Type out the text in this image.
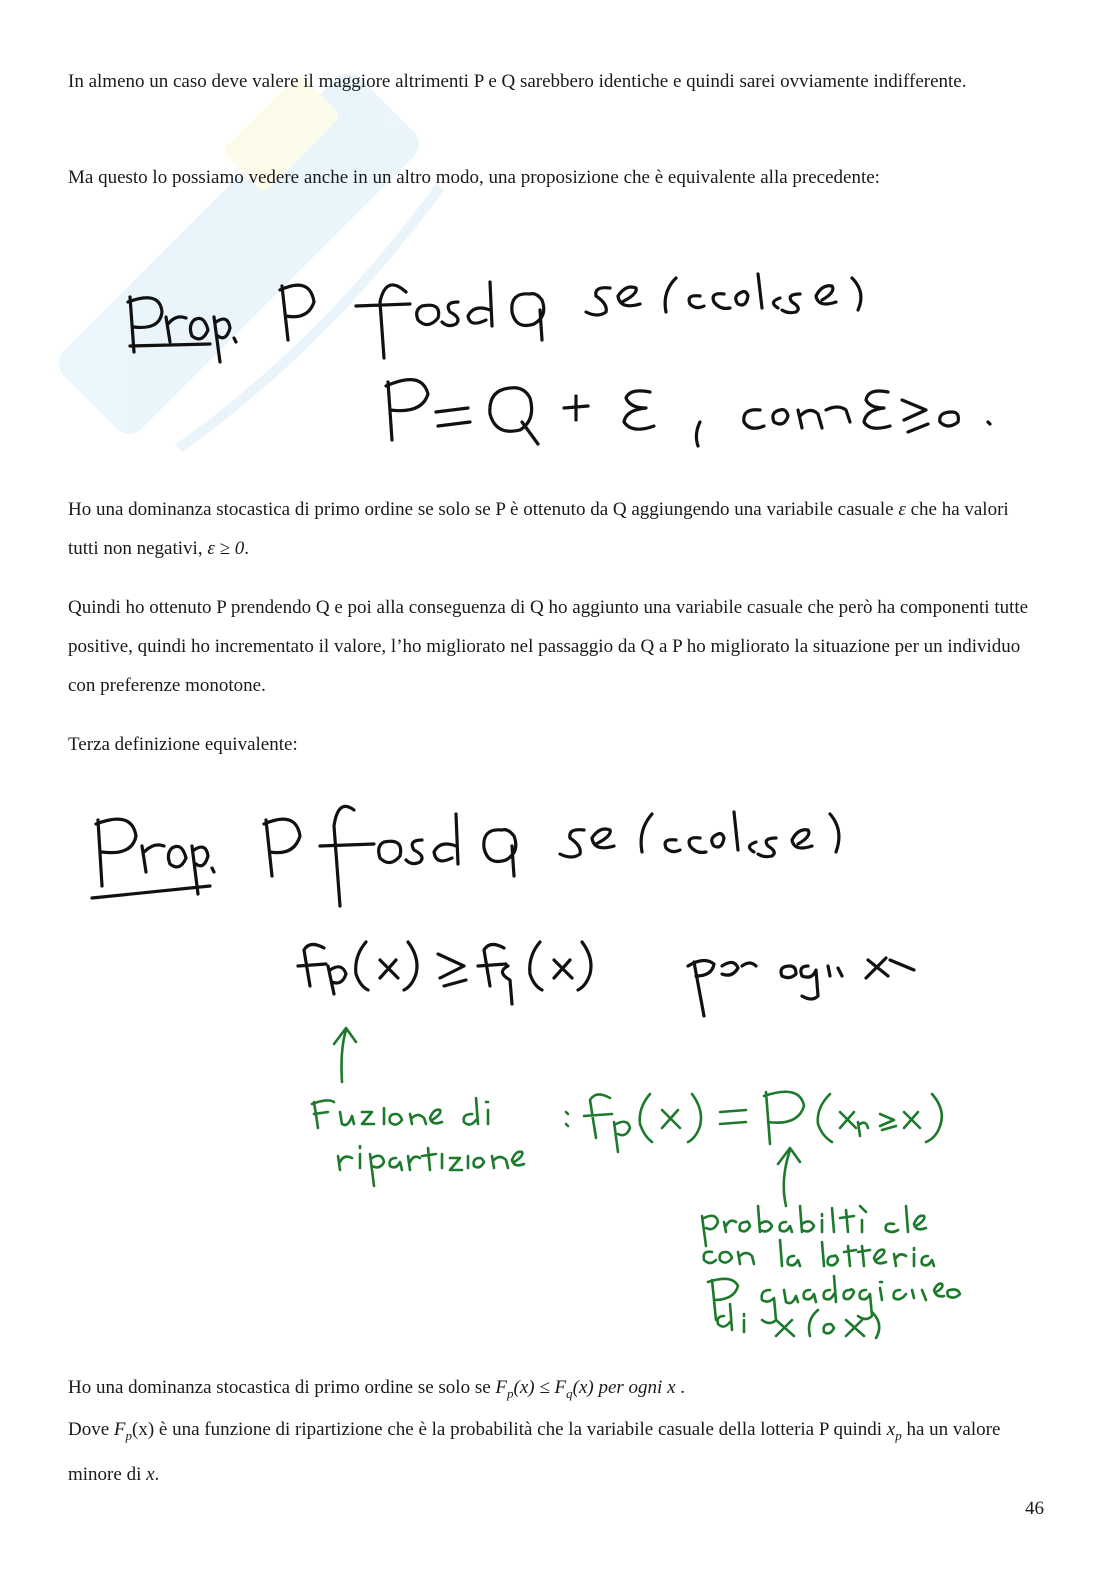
In almeno un caso deve valere il maggiore altrimenti P e Q sarebbero identiche e quindi sarei ovviamente indifferente.

Ma questo lo possiamo vedere anche in un altro modo, una proposizione che è equivalente alla precedente:

Ho una dominanza stocastica di primo ordine se solo se P è ottenuto da Q aggiungendo una variabile casuale ε che ha valori tutti non negativi, ε ≥ 0.

Quindi ho ottenuto P prendendo Q e poi alla conseguenza di Q ho aggiunto una variabile casuale che però ha componenti tutte positive, quindi ho incrementato il valore, l’ho migliorato nel passaggio da Q a P ho migliorato la situazione per un individuo con preferenze monotone.

Terza definizione equivalente:

Ho una dominanza stocastica di primo ordine se solo se $F_p(x) \le F_q(x)$ per ogni x .

Dove $F_p(x)$ è una funzione di ripartizione che è la probabilità che la variabile casuale della lotteria P quindi $x_p$ ha un valore minore di x.

46
